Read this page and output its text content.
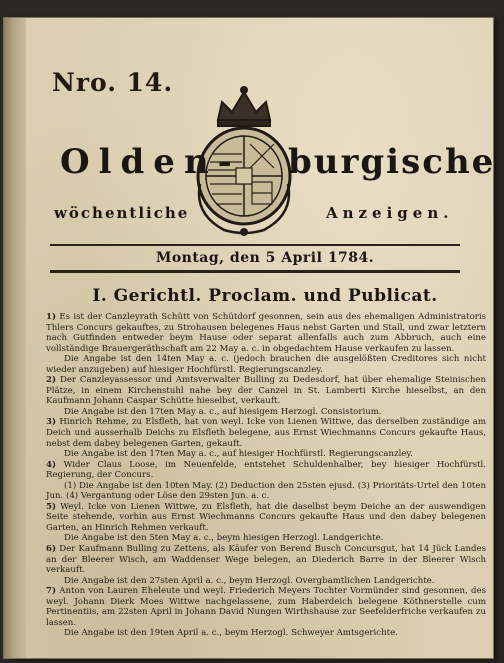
Nro. 14.
Olden- burgische
wöchentliche	Anzeigen.
Montag, den 5 April 1784.
I. Gerichtl. Proclam. und Publicat.

1) Es ist der Canzleyrath Schütt von Schütdorf gesonnen, sein aus des ehemaligen Administratoris Thlers Concurs gekauftes, zu Strohausen belegenes Haus nebst Garten und Stall, und zwar letztern nach Gutfinden entweder beym Hause oder separat allenfalls auch zum Abbruch, auch eine vollständige Brauergeräthschaft am 22 May a. c. in obgedachtem Hause verkaufen zu lassen.

Die Angabe ist den 14ten May a. c. (jedoch brauchen die ausgelößten Creditores sich nicht wieder anzugeben) auf hiesiger Hochfürstl. Regierungscanzley.

2) Der Canzleyassessor und Amtsverwalter Bulling zu Dedesdorf, hat über ehemalige Steinischen Plätze, in einem Kirchenstuhl nahe bey der Canzel in St. Lamberti Kirche hieselbst, an den Kaufmann Johann Caspar Schütte hieselbst, verkauft.

Die Angabe ist den 17ten May a. c., auf hiesigem Herzogl. Consistorium.

3) Hinrich Rehme, zu Elsfleth, hat von weyl. Icke von Lienen Wittwe, das derselben zuständige am Deich und ausserhalb Deichs zu Elsfleth belegene, aus Ernst Wiechmanns Concurs gekaufte Haus, nebst dem dabey belegenen Garten, gekauft.

Die Angabe ist den 17ten May a. c., auf hiesiger Hochfürstl. Regierungscanzley.

4) Wider Claus Loose, im Neuenfelde, entstehet Schuldenhalber, bey hiesiger Hochfürstl. Regierung, der Concurs.

(1) Die Angabe ist den 10ten May. (2) Deduction den 25sten ejusd. (3) Prioritäts-Urtel den 10ten Jun. (4) Vergantung oder Löse den 29sten Jun. a. c.

5) Weyl. Icke von Lienen Wittwe, zu Elsfleth, hat die daselbst beym Deiche an der auswendigen Seite stehende, vorhin aus Ernst Wiechmanns Concurs gekaufte Haus und den dabey belegenen Garten, an Hinrich Rehmen verkauft.

Die Angabe ist den 5ten May a. c., beym hiesigen Herzogl. Landgerichte.

6) Der Kaufmann Bulling zu Zettens, als Käufer von Berend Busch Concursgut, hat 14 Jück Landes an der Bleerer Wisch, am Waddenser Wege belegen, an Diederich Barre in der Bleerer Wisch verkauft.

Die Angabe ist den 27sten April a. c., beym Herzogl. Overgbamtlichen Landgerichte.

7) Anton von Lauren Eheleute und weyl. Friederich Meyers Tochter Vormünder sind gesonnen, des weyl. Johann Dierk Moes Wittwe nachgelassene, zum Haberdeich belegene Köthnerstelle cum Pertinentiis, am 22sten April in Johann David Nungen Wirthshause zur Seefelderfriche verkaufen zu lassen.

Die Angabe ist den 19ten April a. c., beym Herzogl. Schweyer Amtsgerichte.
